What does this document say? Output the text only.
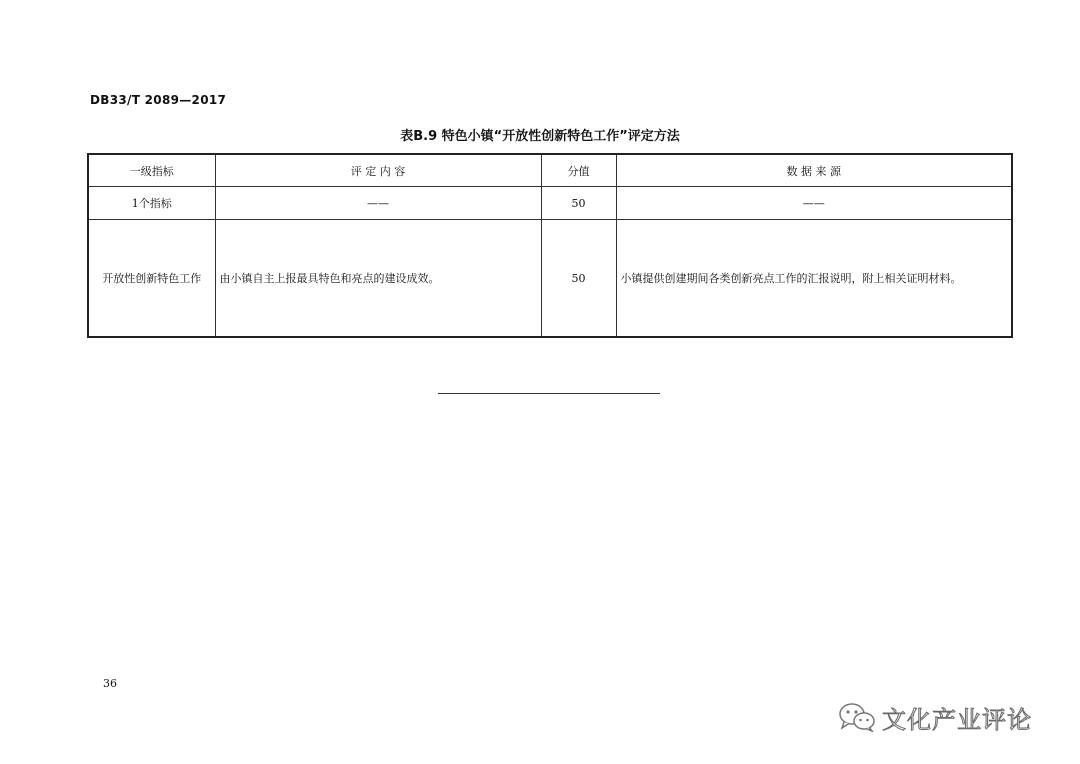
DB33/T 2089—2017
表B.9 特色小镇“开放性创新特色工作”评定方法
一级指标	评 定 内 容	分值	数 据 来 源
1个指标	——	50	——
开放性创新特色工作	由小镇自主上报最具特色和亮点的建设成效。	50	小镇提供创建期间各类创新亮点工作的汇报说明，附上相关证明材料。
36
文化产业评论
